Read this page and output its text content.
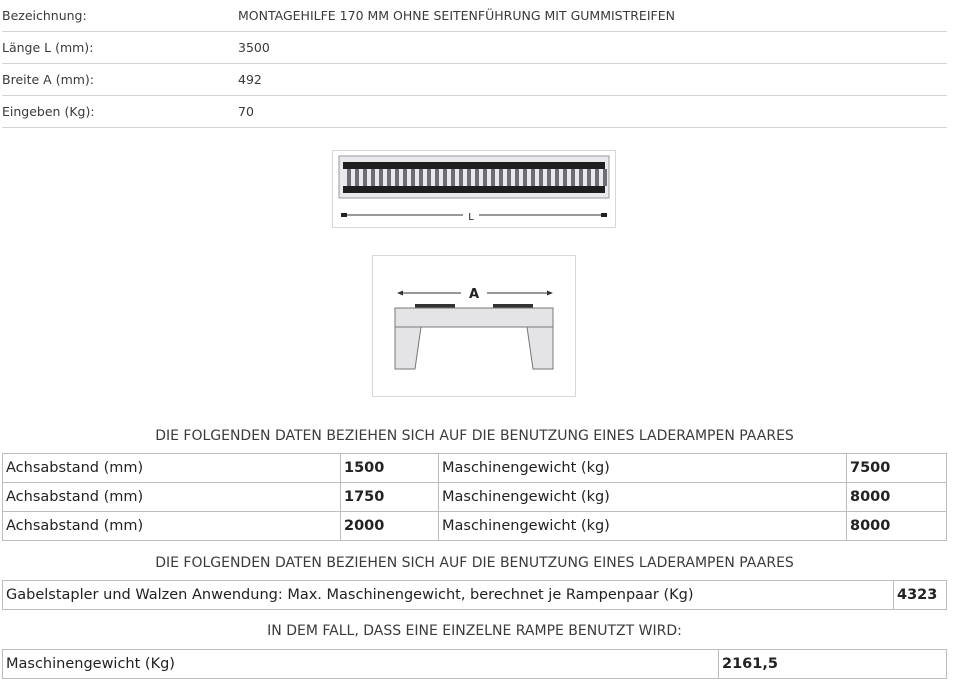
Bezeichnung:	MONTAGEHILFE 170 MM OHNE SEITENFÜHRUNG MIT GUMMISTREIFEN
Länge L (mm):	3500
Breite A (mm):	492
Eingeben (Kg):	70
L
A
DIE FOLGENDEN DATEN BEZIEHEN SICH AUF DIE BENUTZUNG EINES LADERAMPEN PAARES
Achsabstand (mm)	1500	Maschinengewicht (kg)	7500
Achsabstand (mm)	1750	Maschinengewicht (kg)	8000
Achsabstand (mm)	2000	Maschinengewicht (kg)	8000
DIE FOLGENDEN DATEN BEZIEHEN SICH AUF DIE BENUTZUNG EINES LADERAMPEN PAARES
Gabelstapler und Walzen Anwendung: Max. Maschinengewicht, berechnet je Rampenpaar (Kg)	4323
IN DEM FALL, DASS EINE EINZELNE RAMPE BENUTZT WIRD:
Maschinengewicht (Kg)	2161,5
